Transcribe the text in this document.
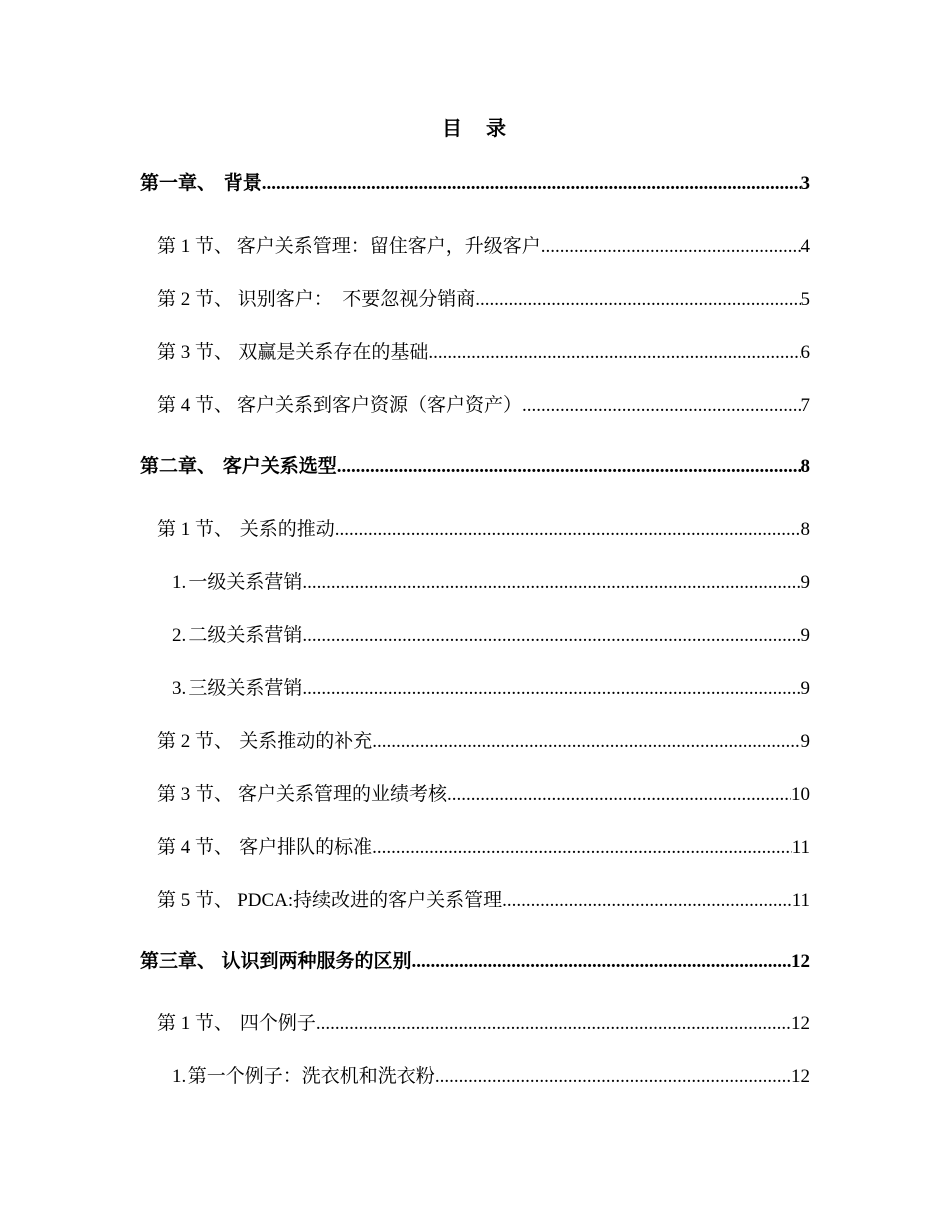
目　录
第一章、 背景 .....	3
第 1 节、 客户关系管理：留住客户，升级客户 .....	4
第 2 节、 识别客户：　不要忽视分销商 .....	5
第 3 节、 双赢是关系存在的基础 .....	6
第 4 节、 客户关系到客户资源（客户资产） .....	7
第二章、 客户关系选型 .....	8
第 1 节、 关系的推动 .....	8
1. 一级关系营销 .....	9
2. 二级关系营销 .....	9
3. 三级关系营销 .....	9
第 2 节、 关系推动的补充 .....	9
第 3 节、 客户关系管理的业绩考核 .....	10
第 4 节、 客户排队的标准 .....	11
第 5 节、 PDCA:持续改进的客户关系管理 .....	11
第三章、 认识到两种服务的区别 .....	12
第 1 节、 四个例子 .....	12
1. 第一个例子：洗衣机和洗衣粉 .....	12
